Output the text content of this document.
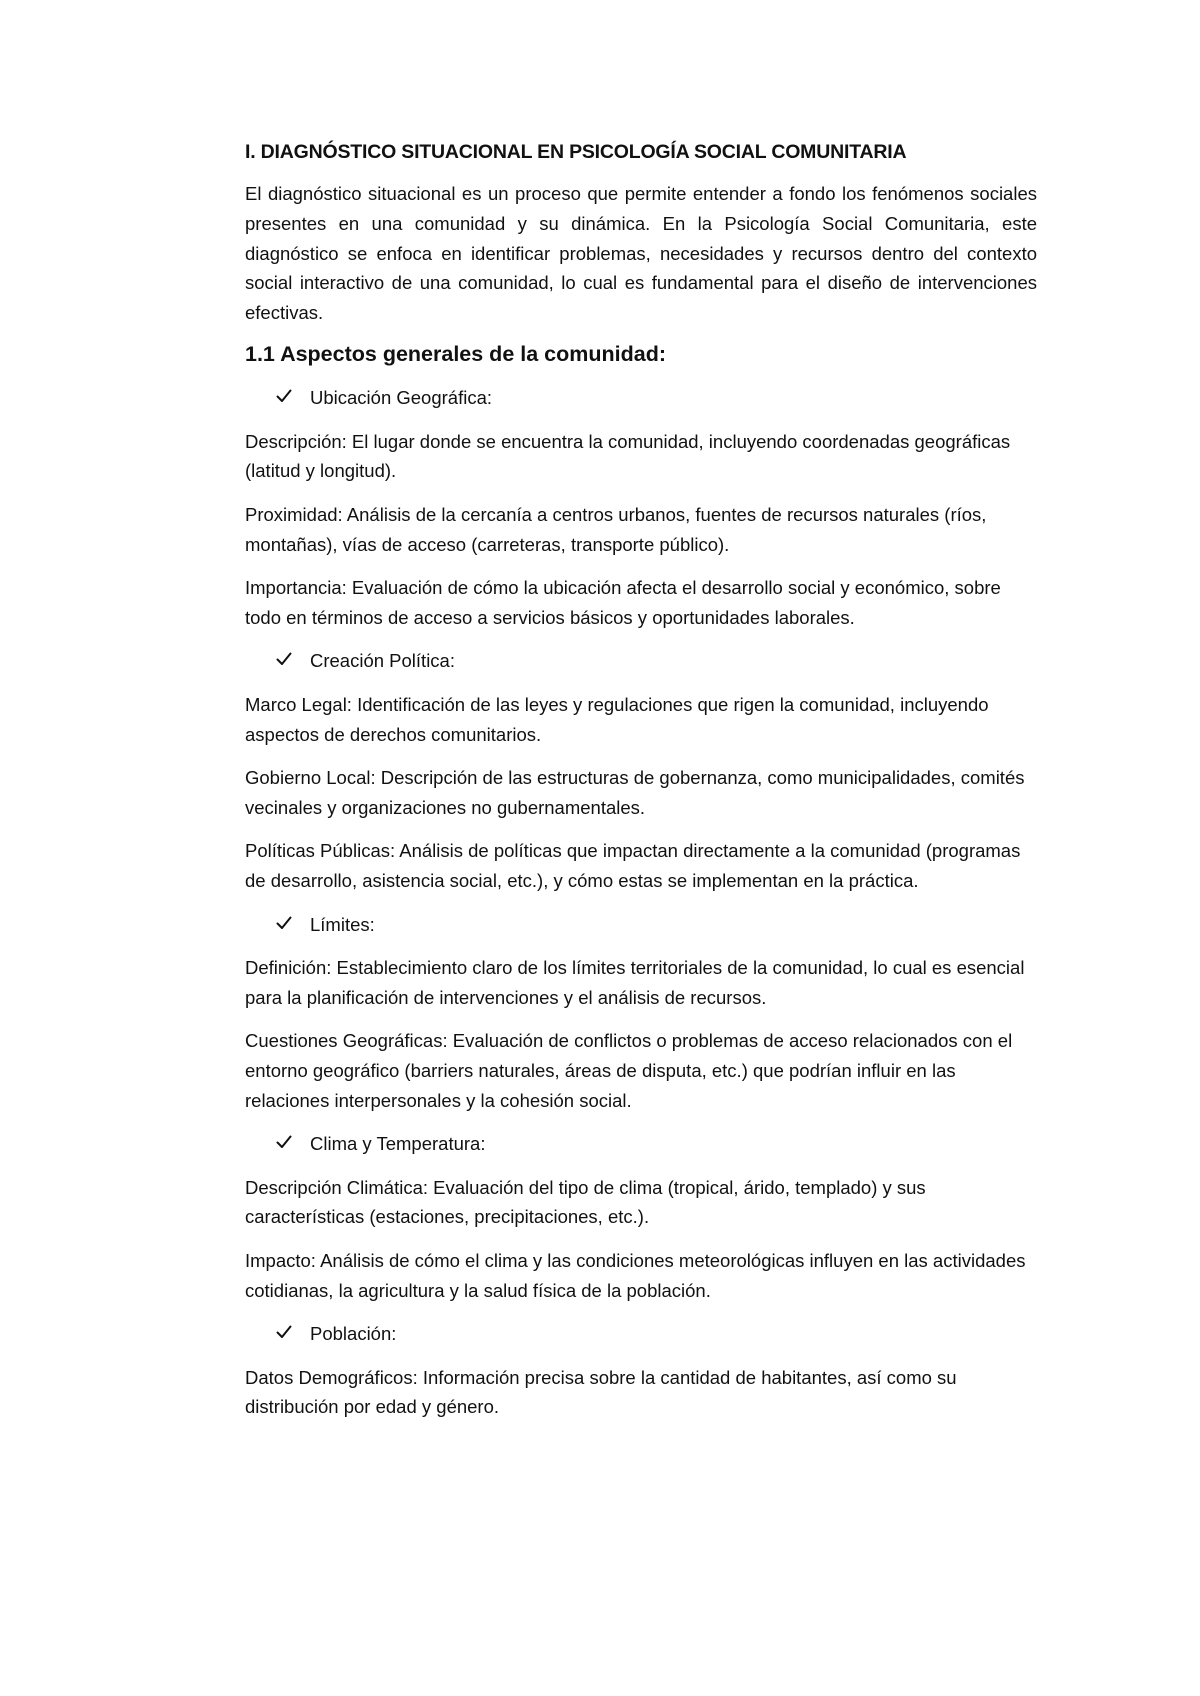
I. DIAGNÓSTICO SITUACIONAL EN PSICOLOGÍA SOCIAL COMUNITARIA

El diagnóstico situacional es un proceso que permite entender a fondo los fenómenos sociales presentes en una comunidad y su dinámica. En la Psicología Social Comunitaria, este diagnóstico se enfoca en identificar problemas, necesidades y recursos dentro del contexto social interactivo de una comunidad, lo cual es fundamental para el diseño de intervenciones efectivas.

1.1 Aspectos generales de la comunidad:
Ubicación Geográfica:

Descripción: El lugar donde se encuentra la comunidad, incluyendo coordenadas geográficas (latitud y longitud).

Proximidad: Análisis de la cercanía a centros urbanos, fuentes de recursos naturales (ríos, montañas), vías de acceso (carreteras, transporte público).

Importancia: Evaluación de cómo la ubicación afecta el desarrollo social y económico, sobre todo en términos de acceso a servicios básicos y oportunidades laborales.

Creación Política:

Marco Legal: Identificación de las leyes y regulaciones que rigen la comunidad, incluyendo aspectos de derechos comunitarios.

Gobierno Local: Descripción de las estructuras de gobernanza, como municipalidades, comités vecinales y organizaciones no gubernamentales.

Políticas Públicas: Análisis de políticas que impactan directamente a la comunidad (programas de desarrollo, asistencia social, etc.), y cómo estas se implementan en la práctica.

Límites:

Definición: Establecimiento claro de los límites territoriales de la comunidad, lo cual es esencial para la planificación de intervenciones y el análisis de recursos.

Cuestiones Geográficas: Evaluación de conflictos o problemas de acceso relacionados con el entorno geográfico (barriers naturales, áreas de disputa, etc.) que podrían influir en las relaciones interpersonales y la cohesión social.

Clima y Temperatura:

Descripción Climática: Evaluación del tipo de clima (tropical, árido, templado) y sus características (estaciones, precipitaciones, etc.).

Impacto: Análisis de cómo el clima y las condiciones meteorológicas influyen en las actividades cotidianas, la agricultura y la salud física de la población.

Población:

Datos Demográficos: Información precisa sobre la cantidad de habitantes, así como su distribución por edad y género.
